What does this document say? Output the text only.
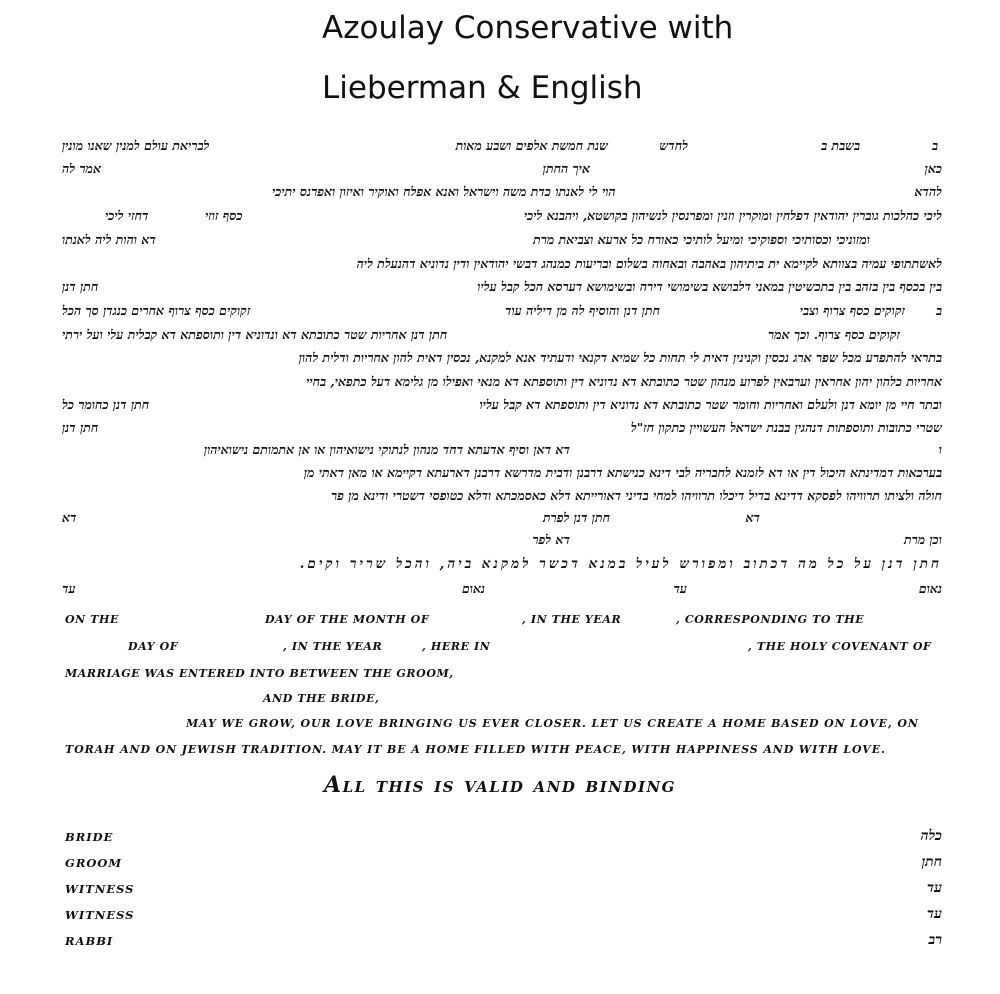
Azoulay Conservative with
Lieberman & English
ב
בשבת ב
לחדש
שנת חמשת אלפים ושבע מאות
לבריאת עולם למנין שאנו מונין
כאן
איך החתן
אמר לה
להדא
הוי לי לאנתו כדת משה וישראל ואנא אפלח ואוקיר ואיזון ואפרנס יתיכי
ליכי כהלכות גוברין יהודאין דפלחין ומוקרין וזנין ומפרנסין לנשיהון בקושטא, ויהבנא ליכי
כסף זוזי
דחזי ליכי
ומזוניכי וכסותיכי וספוקיכי ומיעל לותיכי כאורח כל ארעא וצביאת מרת
דא והות ליה לאנתו
לאשתתופי עמיה בצוותא לקיימא ית ביתיהון באהבה ובאחוה בשלום ובריעות כמנהג דבשי יהודאין ודין נדוניא דהנעלת ליה
בין בכסף בין בזהב בין בתכשיטין במאני דלבושא בשימושי דירה ובשימושא דערסא הכל קבל עליו
חתן דנן
ב
זקוקים כסף צרוף וצבי
חתן דנן והוסיף לה מן דיליה עוד
זקוקים כסף צרוף אחרים כנגדן סך הכל
זקוקים כסף צרוף. וכך אמר
חתן דנן אחריות שטר כתובתא דא ונדוניא דין ותוספתא דא קבלית עלי ועל ירתי
בתראי להתפרע מכל שפר ארג נכסין וקנינין דאית לי תחות כל שמיא דקנאי ודעתיד אנא למקנא, נכסין דאית להון אחריות ודלית להון
אחריות כלהון יהון אחראין וערבאין לפרוע מנהון שטר כתובתא דא נדוניא דין ותוספתא דא מנאי ואפילו מן גלימא דעל כתפאי, בחיי
ובתר חיי מן יומא דנן ולעלם ואחריות וחומר שטר כתובתא דא נדוניא דין ותוספתא דא קבל עליו
חתן דנן כחומר כל
שטרי כתובות ותוספתות דנהגין בבנת ישראל העשויין כתקון חז"ל
חתן דנן
ו
דא דאן וסיף אדעתא דחד מנהון לנתוקי נישואיהון או אן אתמותם נישואיהון
בערכאות דמדינתא היכול דין או דא לזמנא לחבריה לבי דינא כנישתא דרבנן ודבית מדרשא דרבנן דארעתא דקיימא או מאן דאתי מן
חולה ולציתו תרוויהו לפסקא דדינא בדיל דיכלו תרוויהו למחי בדיני דאורייתא דלא כאסמכתא ודלא כטופסי דשטרי ודינא מן פר
דא	חתן דנן לפרת	דא
וכן מרת
דא לפר
חתן דנן על כל מה דכתוב ומפורש לעיל במנא דכשר למקנא ביה, והכל שריר וקים.
נאום
עד
נאום
עד
ON THE	DAY OF THE MONTH OF	, IN THE YEAR	, CORRESPONDING TO THE
DAY OF	, IN THE YEAR	, HERE IN	, THE HOLY COVENANT OF
MARRIAGE WAS ENTERED INTO BETWEEN THE GROOM,
AND THE BRIDE,
MAY WE GROW, OUR LOVE BRINGING US EVER CLOSER. LET US CREATE A HOME BASED ON LOVE, ON
TORAH AND ON JEWISH TRADITION. MAY IT BE A HOME FILLED WITH PEACE, WITH HAPPINESS AND WITH LOVE.
All this is valid and binding
BRIDE	כלה
GROOM	חתן
WITNESS	עד
WITNESS	עד
RABBI	רב
